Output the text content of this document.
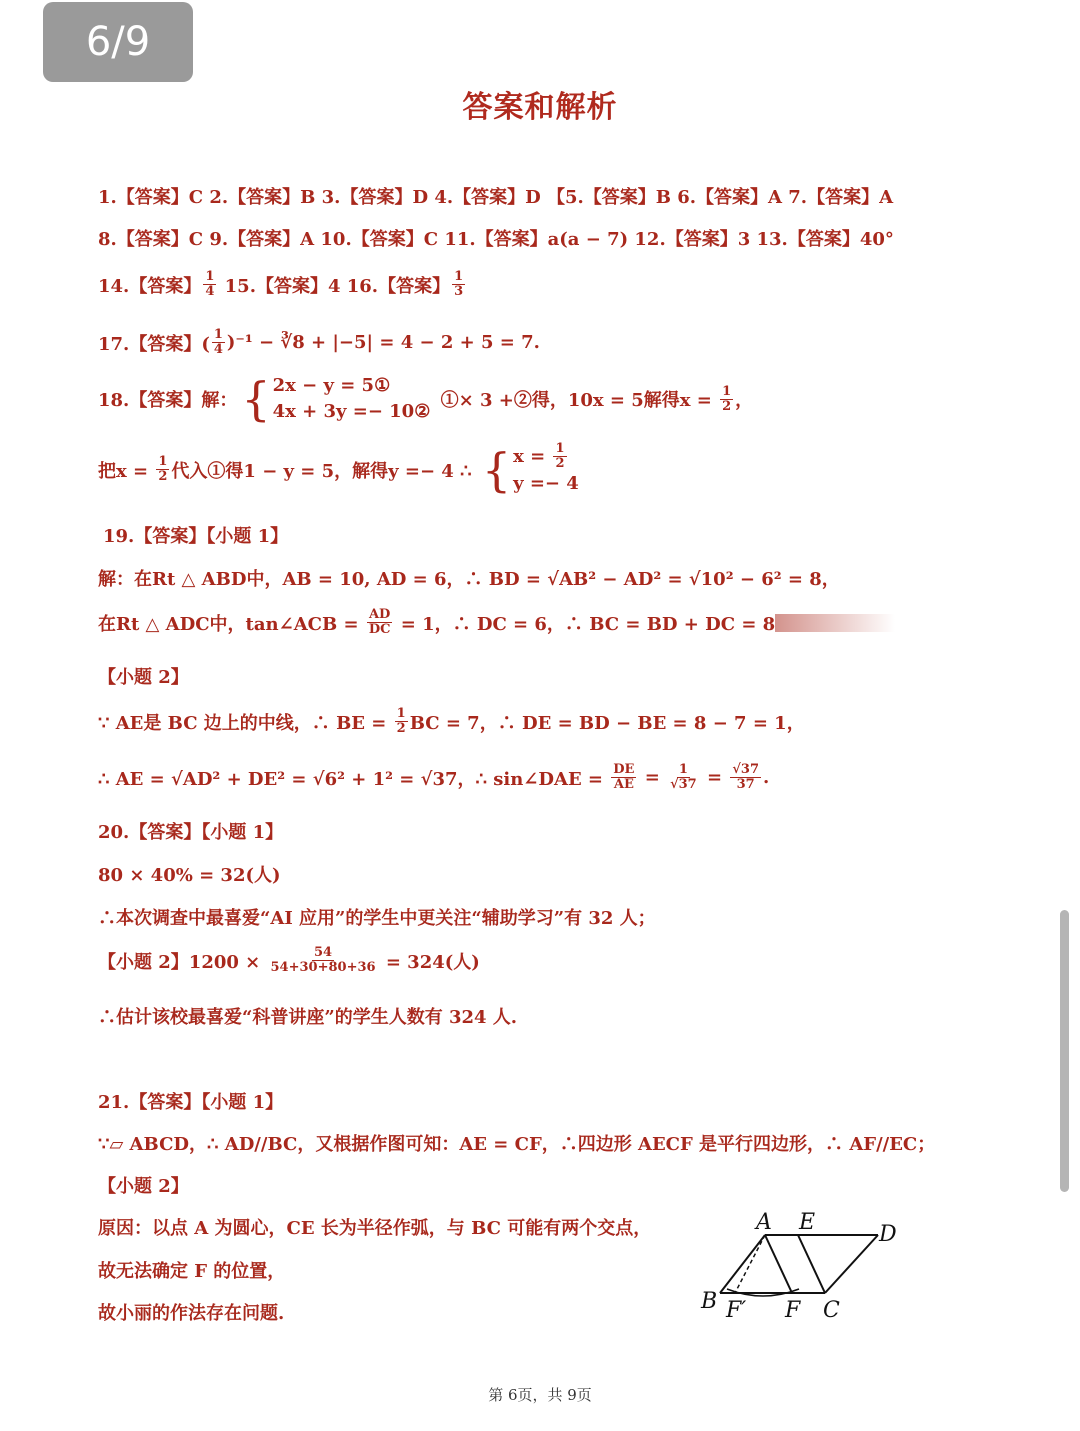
6/9
答案和解析
1.【答案】C 2.【答案】B 3.【答案】D 4.【答案】D 【5.【答案】B 6.【答案】A 7.【答案】A
8.【答案】C 9.【答案】A 10.【答案】C 11.【答案】a(a − 7) 12.【答案】3 13.【答案】40°
14.【答案】 $\frac{1}{4} 15$.【答案】4 16.【答案】 $\frac{1}{3}$
17.【答案】( $\frac{1}{4} )^{-1}$ − ∛8 + |−5| = 4 − 2 + 5 = 7.
18.【答案】解： { 2x − y = 5①
4x + 3y =− 10②
①× 3 +②得，10x = 5解得$x = \frac{1}{2}$ ，
把$x = \frac{1}{2}$ 代入①得1 − y = 5，解得y =− 4 ∴ { $x = \frac{1}{2}$
y =− 4
19.【答案】【小题 1】
解：在Rt △ ABD中，AB = 10, AD = 6，∴ BD = √AB² − AD² = √10² − 6² = 8，
在Rt △ ADC中，tan∠ACB = $\frac{AD}{DC} = 1$，∴ DC = 6，∴ BC = BD + DC = 8
【小题 2】
∵ AE是 BC 边上的中线，∴ BE = $\frac{1}{2}$ BC = 7，∴ DE = BD − BE = 8 − 7 = 1，
∴ AE = √AD² + DE² = √6² + 1² = √37，∴ sin∠DAE = $\frac{DE}{AE} = \frac{1}{√37} = \frac{√37}{37}$ .
20.【答案】【小题 1】
80 × 40% = 32(人)
∴本次调查中最喜爱“AI 应用”的学生中更关注“辅助学习”有 32 人；
【小题 2】$1200 \times \frac{54}{54+30+80+36} = 324$(人)
∴估计该校最喜爱“科普讲座”的学生人数有 324 人.
21.【答案】【小题 1】
∵▱ ABCD，∴ AD//BC，又根据作图可知：AE = CF，∴四边形 AECF 是平行四边形，∴ AF//EC；
【小题 2】
原因：以点 A 为圆心，CE 长为半径作弧，与 BC 可能有两个交点，
故无法确定 F 的位置，
故小丽的作法存在问题.
A E	D
B F′ F C
第 6页，共 9页
